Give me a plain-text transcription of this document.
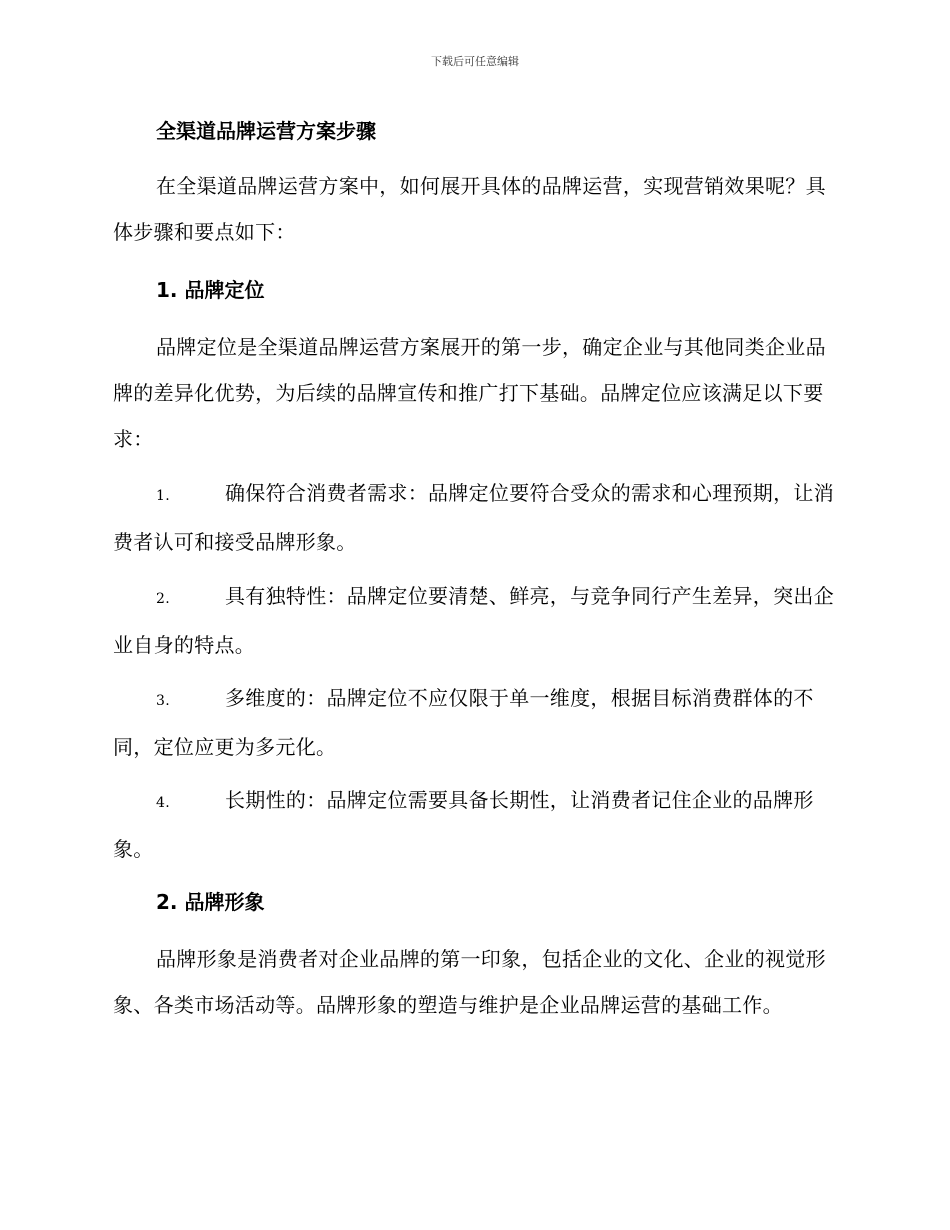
下载后可任意编辑
全渠道品牌运营方案步骤
在全渠道品牌运营方案中，如何展开具体的品牌运营，实现营销效果呢？具体步骤和要点如下：
1. 品牌定位
品牌定位是全渠道品牌运营方案展开的第一步，确定企业与其他同类企业品牌的差异化优势，为后续的品牌宣传和推广打下基础。品牌定位应该满足以下要求：
1.	确保符合消费者需求：品牌定位要符合受众的需求和心理预期，让消费者认可和接受品牌形象。
2.	具有独特性：品牌定位要清楚、鲜亮，与竞争同行产生差异，突出企业自身的特点。
3.	多维度的：品牌定位不应仅限于单一维度，根据目标消费群体的不同，定位应更为多元化。
4.	长期性的：品牌定位需要具备长期性，让消费者记住企业的品牌形象。
2. 品牌形象
品牌形象是消费者对企业品牌的第一印象，包括企业的文化、企业的视觉形象、各类市场活动等。品牌形象的塑造与维护是企业品牌运营的基础工作。
